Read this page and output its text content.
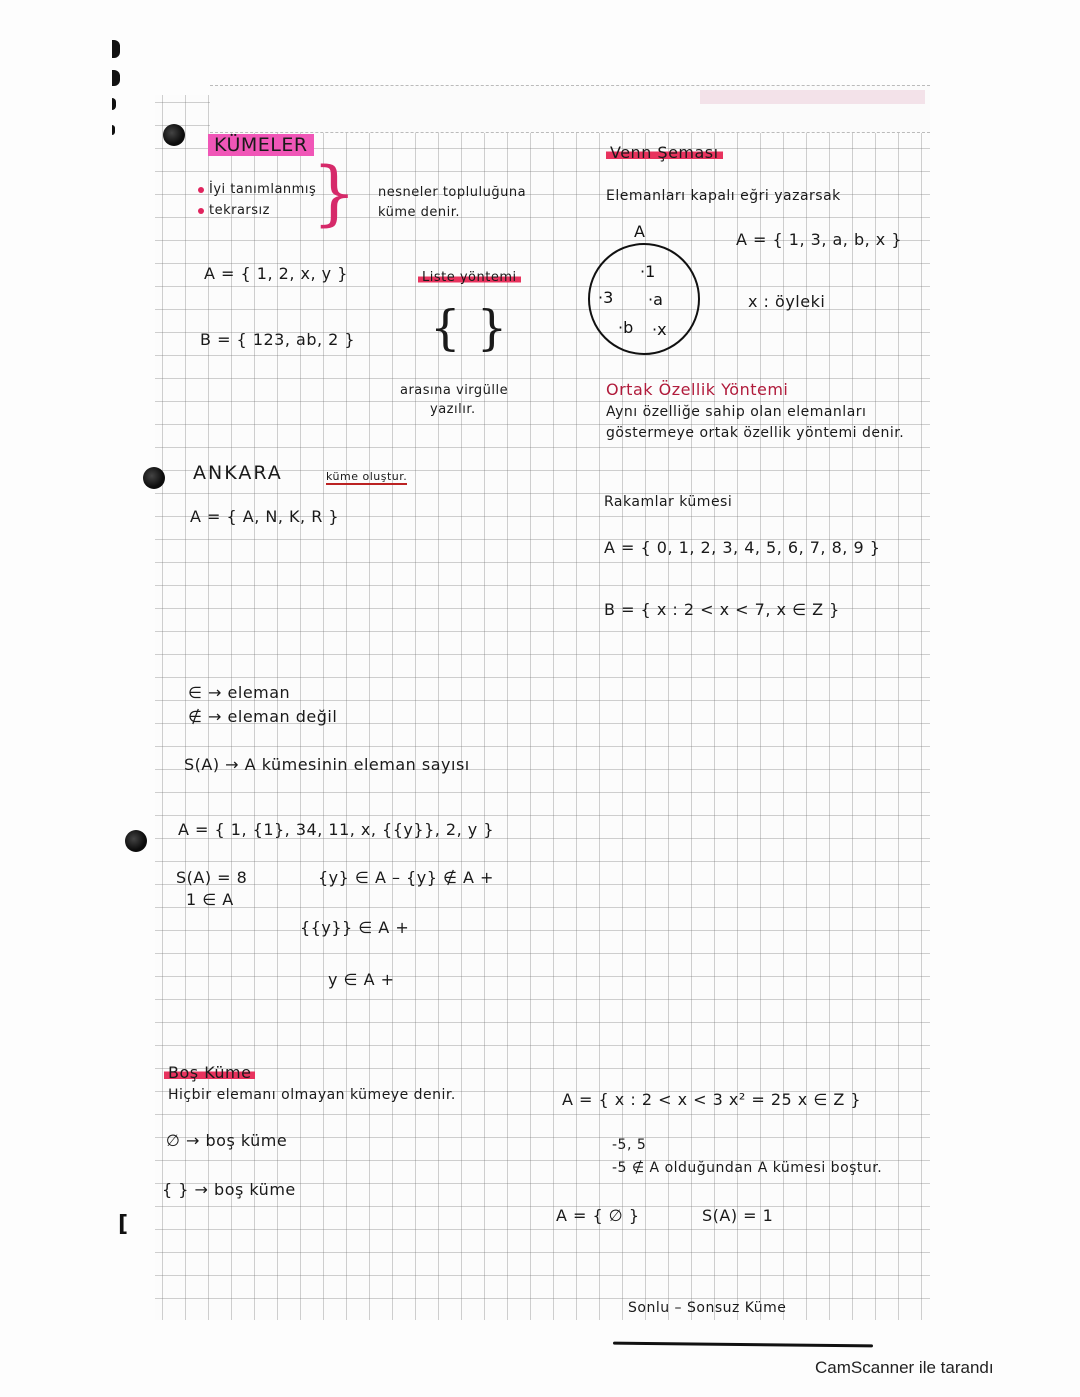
[
KÜMELER
İyi tanımlanmış
tekrarsız } nesneler topluluğuna
küme denir.
A = { 1, 2, x, y }
B = { 123, ab, 2 }
Liste yöntemi
{ }
arasına virgülle
yazılır.
ANKARA	küme oluştur.
A = { A, N, K, R }
∈ → eleman
∉ → eleman değil
S(A) → A kümesinin eleman sayısı
A = { 1, {1}, 34, 11, x, {{y}}, 2, y }
S(A) = 8
1 ∈ A
{y} ∈ A – {y} ∉ A +
{{y}} ∈ A +
y ∈ A +
Boş Küme
Hiçbir elemanı olmayan kümeye denir.
∅ → boş küme
{ } → boş küme
Venn Şeması
Elemanları kapalı eğri yazarsak
A
·1
·3 ·a
·b ·x
A = { 1, 3, a, b, x }
x : öyleki
Ortak Özellik Yöntemi
Aynı özelliğe sahip olan elemanları
göstermeye ortak özellik yöntemi denir.
Rakamlar kümesi
A = { 0, 1, 2, 3, 4, 5, 6, 7, 8, 9 }
B = { x : 2 < x < 7, x ∈ Z }
A = { x : 2 < x < 3 x² = 25 x ∈ Z }
-5, 5
-5 ∉ A olduğundan A kümesi boştur.
A = { ∅ }	S(A) = 1
Sonlu – Sonsuz Küme
CamScanner ile tarandı
